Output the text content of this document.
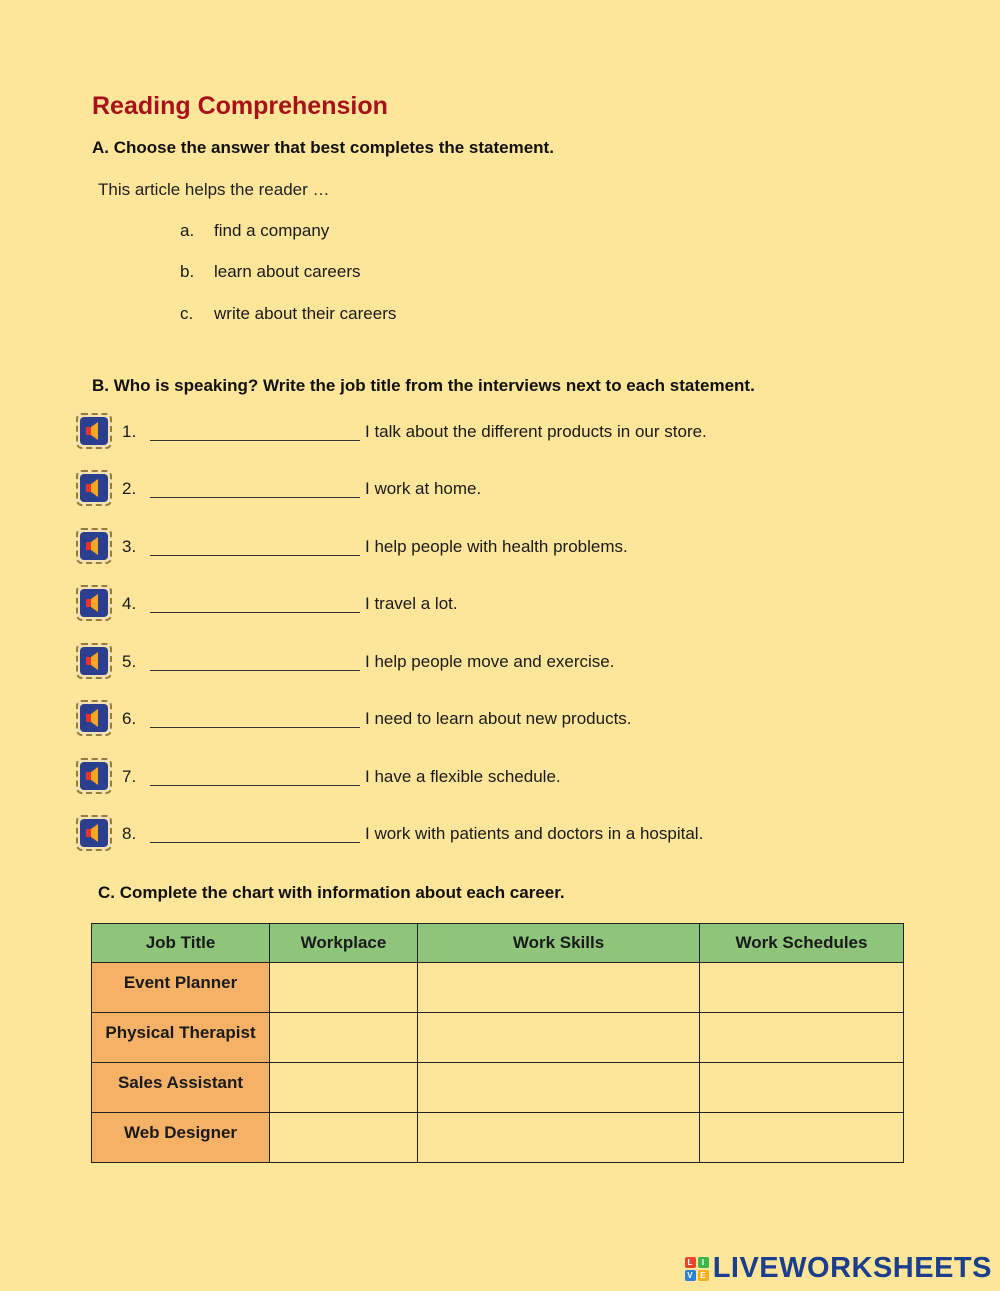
Reading Comprehension
A. Choose the answer that best completes the statement.
This article helps the reader …
a. find a company
b. learn about careers
c. write about their careers
B. Who is speaking? Write the job title from the interviews next to each statement.
1.	I talk about the different products in our store.
2.	I work at home.
3.	I help people with health problems.
4.	I travel a lot.
5.	I help people move and exercise.
6.	I need to learn about new products.
7.	I have a flexible schedule.
8.	I work with patients and doctors in a hospital.
C. Complete the chart with information about each career.
Job Title	Workplace	Work Skills	Work Schedules
Event Planner			
Physical Therapist			
Sales Assistant			
Web Designer			
L	I
V E LIVEWORKSHEETS
